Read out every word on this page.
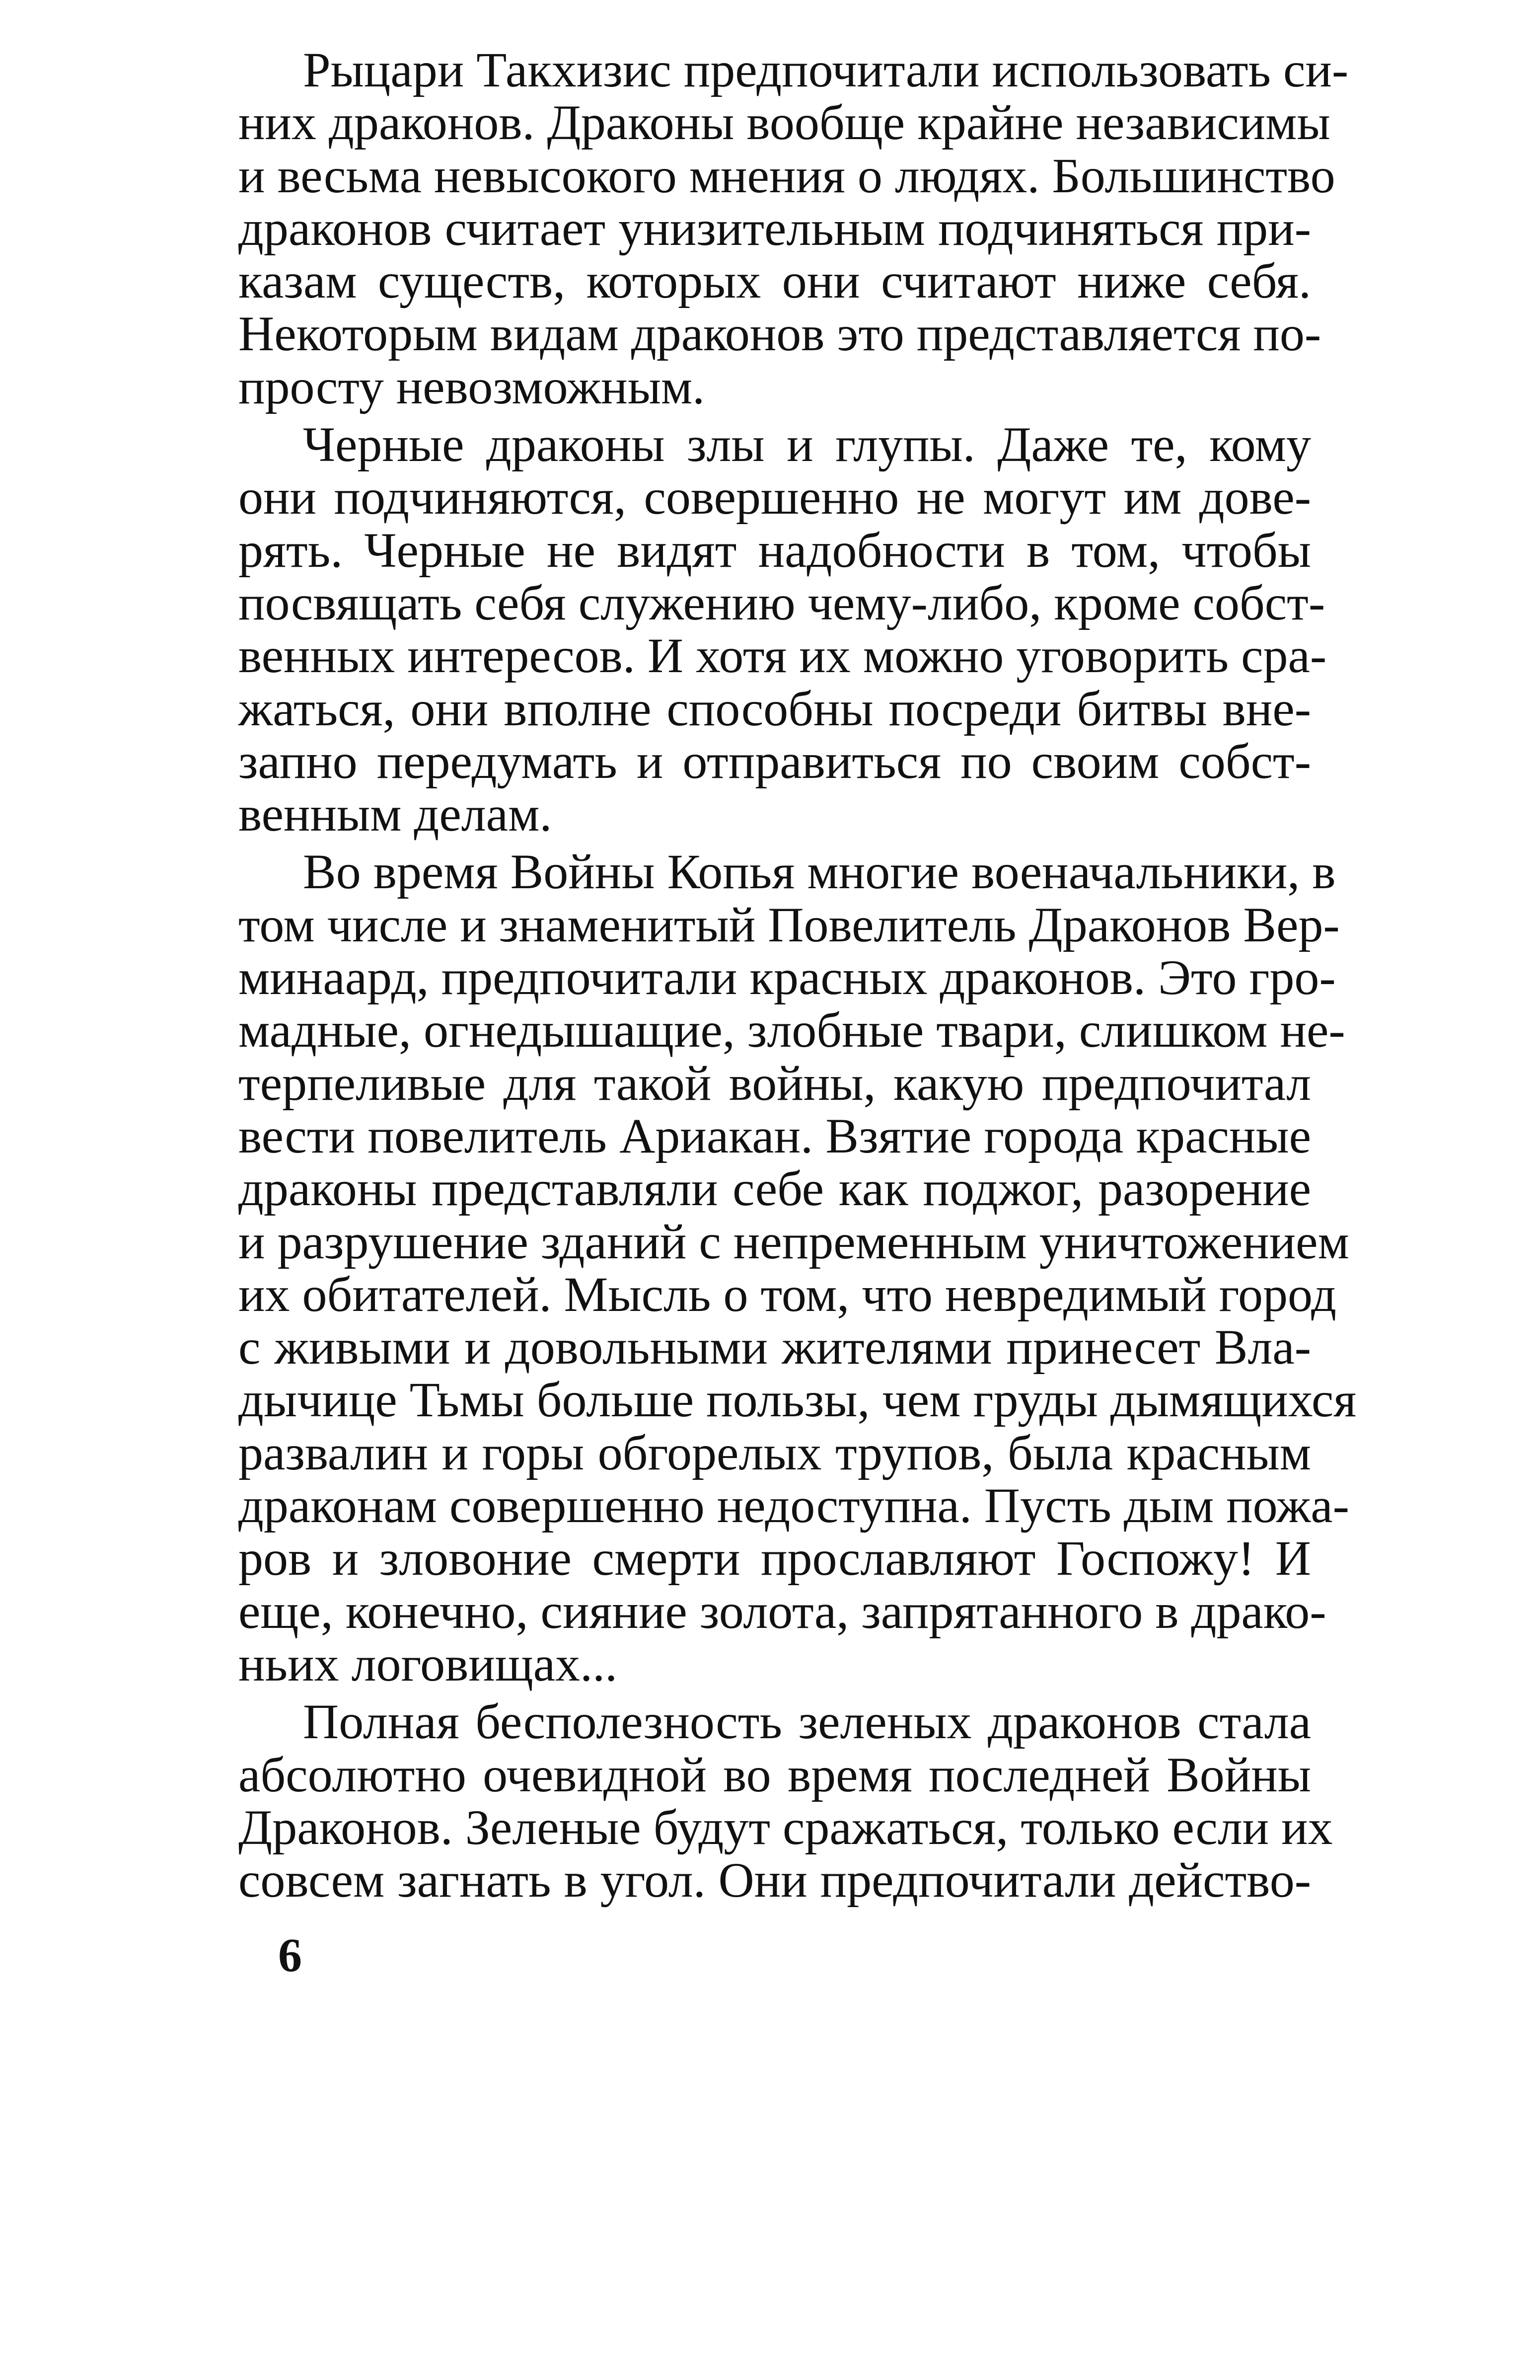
Рыцари Такхизис предпочитали использовать си-
них драконов. Драконы вообще крайне независимы
и весьма невысокого мнения о людях. Большинство
драконов считает унизительным подчиняться при-
казам существ, которых они считают ниже себя.
Некоторым видам драконов это представляется по-
просту невозможным.
Черные драконы злы и глупы. Даже те, кому
они подчиняются, совершенно не могут им дове-
рять. Черные не видят надобности в том, чтобы
посвящать себя служению чему-либо, кроме собст-
венных интересов. И хотя их можно уговорить сра-
жаться, они вполне способны посреди битвы вне-
запно передумать и отправиться по своим собст-
венным делам.
Во время Войны Копья многие военачальники, в
том числе и знаменитый Повелитель Драконов Вер-
минаард, предпочитали красных драконов. Это гро-
мадные, огнедышащие, злобные твари, слишком не-
терпеливые для такой войны, какую предпочитал
вести повелитель Ариакан. Взятие города красные
драконы представляли себе как поджог, разорение
и разрушение зданий с непременным уничтожением
их обитателей. Мысль о том, что невредимый город
с живыми и довольными жителями принесет Вла-
дычице Тьмы больше пользы, чем груды дымящихся
развалин и горы обгорелых трупов, была красным
драконам совершенно недоступна. Пусть дым пожа-
ров и зловоние смерти прославляют Госпожу! И
еще, конечно, сияние золота, запрятанного в драко-
ньих логовищах...
Полная бесполезность зеленых драконов стала
абсолютно очевидной во время последней Войны
Драконов. Зеленые будут сражаться, только если их
совсем загнать в угол. Они предпочитали действо-
6
